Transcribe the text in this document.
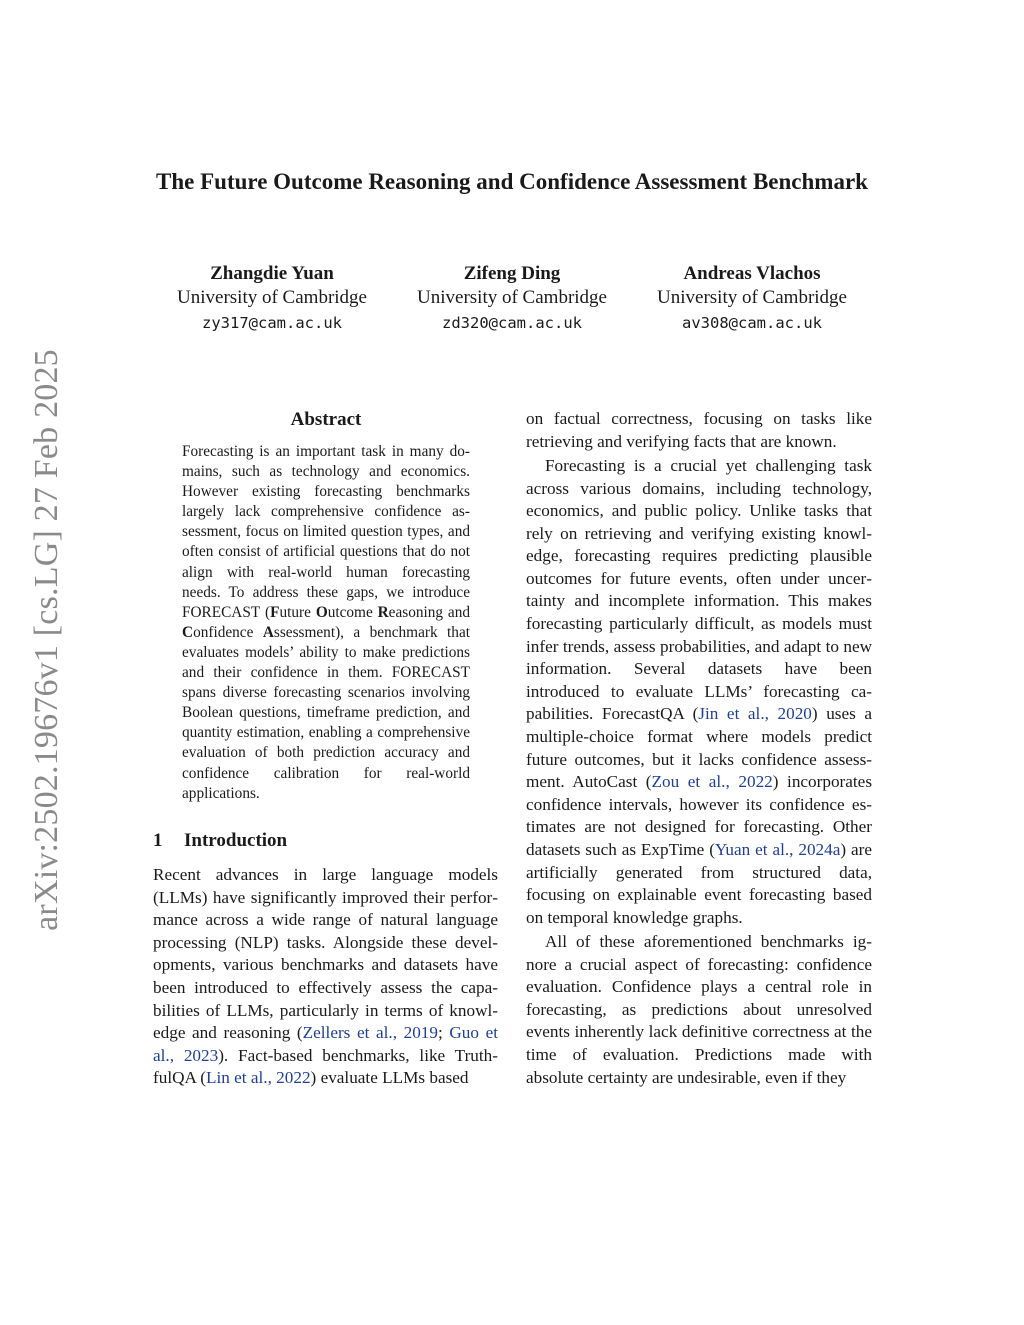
arXiv:2502.19676v1 [cs.LG] 27 Feb 2025
The Future Outcome Reasoning and Confidence Assessment Benchmark
Zhangdie Yuan
University of Cambridge
zy317@cam.ac.uk
Zifeng Ding
University of Cambridge
zd320@cam.ac.uk
Andreas Vlachos
University of Cambridge
av308@cam.ac.uk
Abstract
Forecasting is an important task in many domains, such as technology and economics. However existing forecasting benchmarks largely lack comprehensive confidence assessment, focus on limited question types, and often consist of artificial questions that do not align with real-world human forecasting needs. To address these gaps, we introduce FORECAST (Future Outcome Reasoning and Confidence Assessment), a benchmark that evaluates models’ ability to make predictions and their confidence in them. FORECAST spans diverse forecasting scenarios involving Boolean questions, timeframe prediction, and quantity estimation, enabling a comprehensive evaluation of both prediction accuracy and confidence calibration for real-world applications.
1 Introduction

Recent advances in large language models (LLMs) have significantly improved their performance across a wide range of natural language processing (NLP) tasks. Alongside these developments, various benchmarks and datasets have been introduced to effectively assess the capabilities of LLMs, particularly in terms of knowledge and reasoning (Zellers et al., 2019; Guo et al., 2023). Fact-based benchmarks, like TruthfulQA (Lin et al., 2022) evaluate LLMs based

on factual correctness, focusing on tasks like retrieving and verifying facts that are known.

Forecasting is a crucial yet challenging task across various domains, including technology, economics, and public policy. Unlike tasks that rely on retrieving and verifying existing knowledge, forecasting requires predicting plausible outcomes for future events, often under uncertainty and incomplete information. This makes forecasting particularly difficult, as models must infer trends, assess probabilities, and adapt to new information. Several datasets have been introduced to evaluate LLMs’ forecasting capabilities. ForecastQA (Jin et al., 2020) uses a multiple-choice format where models predict future outcomes, but it lacks confidence assessment. AutoCast (Zou et al., 2022) incorporates confidence intervals, however its confidence estimates are not designed for forecasting. Other datasets such as ExpTime (Yuan et al., 2024a) are artificially generated from structured data, focusing on explainable event forecasting based on temporal knowledge graphs.

All of these aforementioned benchmarks ignore a crucial aspect of forecasting: confidence evaluation. Confidence plays a central role in forecasting, as predictions about unresolved events inherently lack definitive correctness at the time of evaluation. Predictions made with absolute certainty are undesirable, even if they
